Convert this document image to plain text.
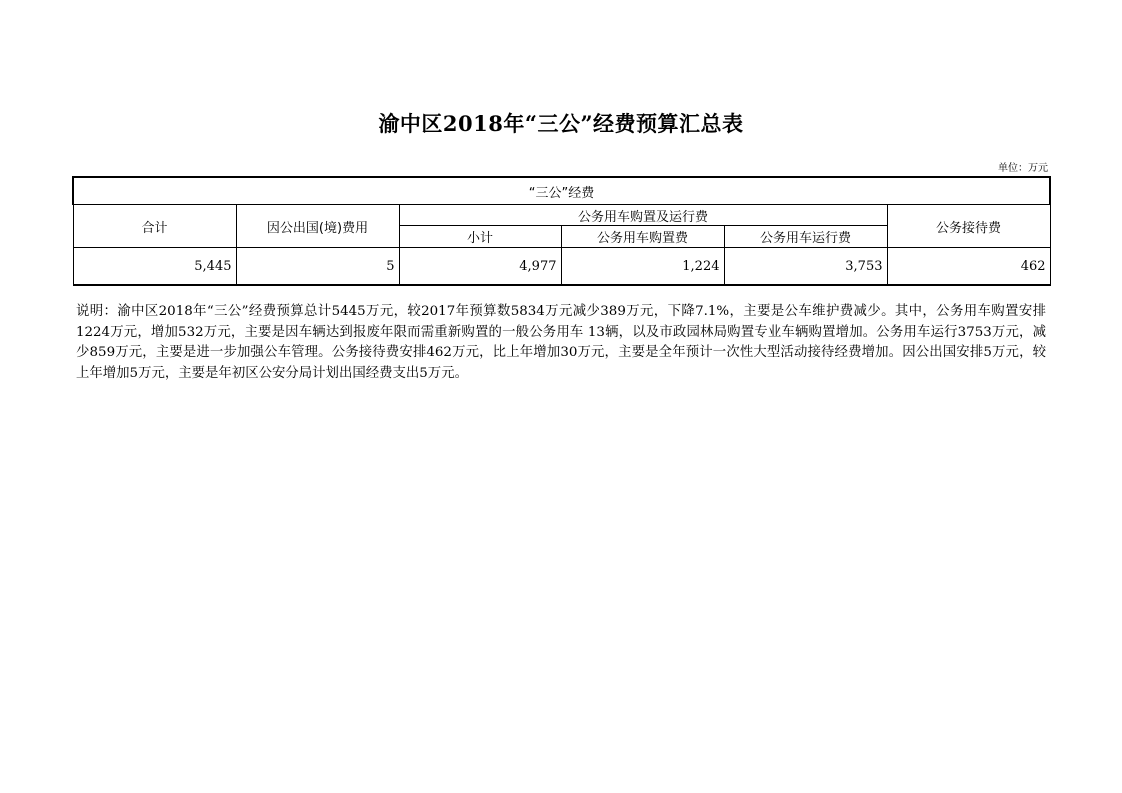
渝中区2018年“三公”经费预算汇总表
单位：万元
“三公”经费					
合计	因公出国(境)费用	公务用车购置及运行费			公务接待费
		小计	公务用车购置费	公务用车运行费	
5,445	5	4,977	1,224	3,753	462
说明：渝中区2018年“三公”经费预算总计5445万元，较2017年预算数5834万元减少389万元，下降7.1%，主要是公车维护费减少。其中，公务用车购置安排1224万元，增加532万元，主要是因车辆达到报废年限而需重新购置的一般公务用车 13辆，以及市政园林局购置专业车辆购置增加。公务用车运行3753万元，减少859万元，主要是进一步加强公车管理。公务接待费安排462万元，比上年增加30万元，主要是全年预计一次性大型活动接待经费增加。因公出国安排5万元，较上年增加5万元，主要是年初区公安分局计划出国经费支出5万元。
